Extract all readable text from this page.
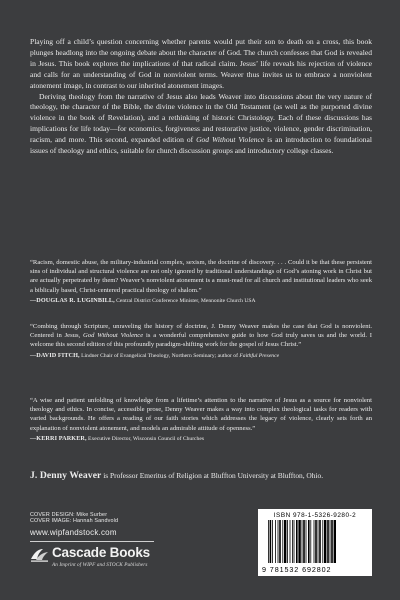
Playing off a child’s question concerning whether parents would put their son to death on a cross, this book plunges headlong into the ongoing debate about the character of God. The church confesses that God is revealed in Jesus. This book explores the implications of that radical claim. Jesus’ life reveals his rejection of violence and calls for an understanding of God in nonviolent terms. Weaver thus invites us to embrace a nonviolent atonement image, in contrast to our inherited atonement images.

Deriving theology from the narrative of Jesus also leads Weaver into discussions about the very nature of theology, the character of the Bible, the divine violence in the Old Testament (as well as the purported divine violence in the book of Revelation), and a rethinking of historic Christology. Each of these discussions has implications for life today—for economics, forgiveness and restorative justice, violence, gender discrimination, racism, and more. This second, expanded edition of God Without Violence is an introduction to foundational issues of theology and ethics, suitable for church discussion groups and introductory college classes.

“Racism, domestic abuse, the military-industrial complex, sexism, the doctrine of discovery. . . . Could it be that these persistent sins of individual and structural violence are not only ignored by traditional understandings of God’s atoning work in Christ but are actually perpetrated by them? Weaver’s nonviolent atonement is a must-read for all church and institutional leaders who seek a biblically based, Christ-centered practical theology of shalom.”
—DOUGLAS R. LUGINBILL, Central District Conference Minister, Mennonite Church USA
“Combing through Scripture, unraveling the history of doctrine, J. Denny Weaver makes the case that God is nonviolent. Centered in Jesus, God Without Violence is a wonderful comprehensive guide to how God truly saves us and the world. I welcome this second edition of this profoundly paradigm-shifting work for the gospel of Jesus Christ.”
—DAVID FITCH, Lindner Chair of Evangelical Theology, Northern Seminary; author of Faithful Presence
“A wise and patient unfolding of knowledge from a lifetime’s attention to the narrative of Jesus as a source for nonviolent theology and ethics. In concise, accessible prose, Denny Weaver makes a way into complex theological tasks for readers with varied backgrounds. He offers a reading of our faith stories which addresses the legacy of violence, clearly sets forth an explanation of nonviolent atonement, and models an admirable attitude of openness.”
—KERRI PARKER, Executive Director, Wisconsin Council of Churches
J. Denny Weaver is Professor Emeritus of Religion at Bluffton University at Bluffton, Ohio.
COVER DESIGN: Mike Surber
COVER IMAGE: Hannah Sandvold
www.wipfandstock.com
Cascade Books
An Imprint of WIPF and STOCK Publishers
ISBN 978-1-5326-9280-2
9 781532 692802
